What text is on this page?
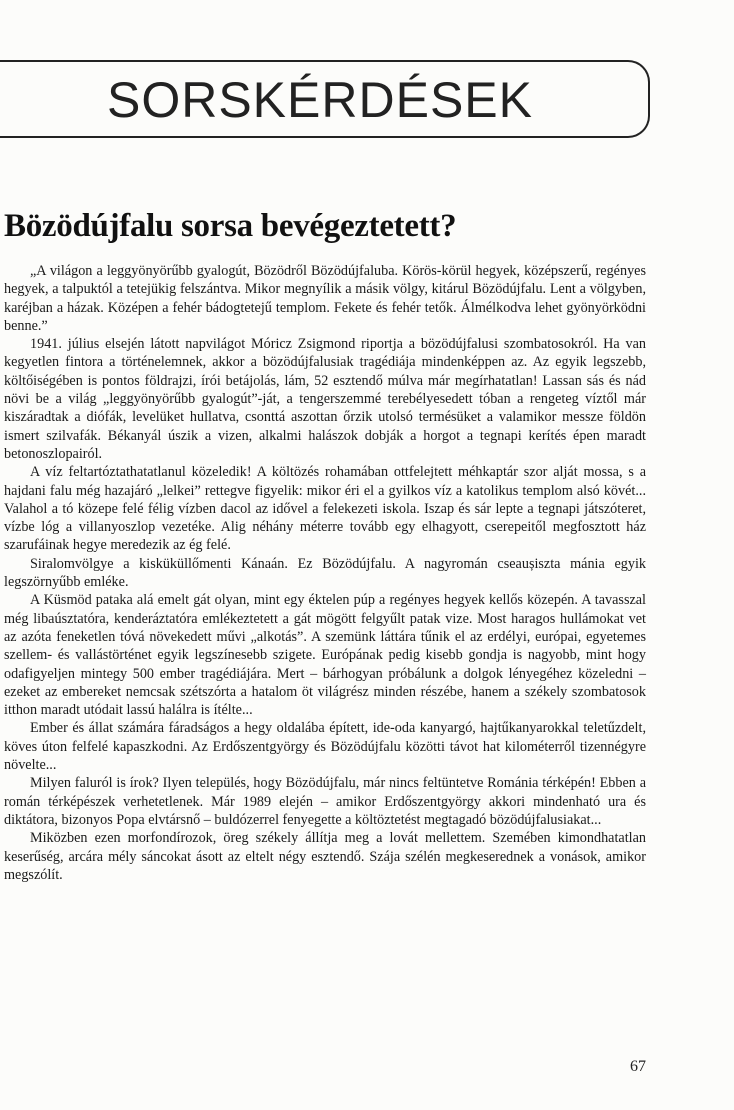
SORSKÉRDÉSEK
Bözödújfalu sorsa bevégeztetett?

„A világon a leggyönyörűbb gyalogút, Bözödről Bözödújfaluba. Körös-körül hegyek, középszerű, regényes hegyek, a talpuktól a tetejükig felszántva. Mikor megnyílik a másik völgy, kitárul Bözödújfalu. Lent a völgyben, karéjban a házak. Középen a fehér bádogtetejű templom. Fekete és fehér tetők. Álmélkodva lehet gyönyörködni benne.”

1941. július elsején látott napvilágot Móricz Zsigmond riportja a bözödújfalusi szombatosokról. Ha van kegyetlen fintora a történelemnek, akkor a bözödújfalusiak tragédiája mindenképpen az. Az egyik legszebb, költőiségében is pontos földrajzi, írói betájolás, lám, 52 esztendő múlva már megírhatatlan! Lassan sás és nád növi be a világ „leggyönyörűbb gyalogút”-ját, a tengerszemmé terebélyesedett tóban a rengeteg víztől már kiszáradtak a diófák, levelüket hullatva, csonttá aszottan őrzik utolsó termésüket a valamikor messze földön ismert szilvafák. Békanyál úszik a vizen, alkalmi halászok dobják a horgot a tegnapi kerítés épen maradt betonoszlopairól.

A víz feltartóztathatatlanul közeledik! A költözés rohamában ottfelejtett méhkaptár szor alját mossa, s a hajdani falu még hazajáró „lelkei” rettegve figyelik: mikor éri el a gyilkos víz a katolikus templom alsó kövét... Valahol a tó közepe felé félig vízben dacol az idővel a felekezeti iskola. Iszap és sár lepte a tegnapi játszóteret, vízbe lóg a villanyoszlop vezetéke. Alig néhány méterre tovább egy elhagyott, cserepeitől megfosztott ház szarufáinak hegye meredezik az ég felé.

Siralomvölgye a kisküküllőmenti Kánaán. Ez Bözödújfalu. A nagyromán cseaușiszta mánia egyik legszörnyűbb emléke.

A Küsmöd pataka alá emelt gát olyan, mint egy éktelen púp a regényes hegyek kellős közepén. A tavasszal még libaúsztatóra, kenderáztatóra emlékeztetett a gát mögött felgyűlt patak vize. Most haragos hullámokat vet az azóta feneketlen tóvá növekedett művi „alkotás”. A szemünk láttára tűnik el az erdélyi, európai, egyetemes szellem- és vallástörténet egyik legszínesebb szigete. Európának pedig kisebb gondja is nagyobb, mint hogy odafigyeljen mintegy 500 ember tragédiájára. Mert – bárhogyan próbálunk a dolgok lényegéhez közeledni – ezeket az embereket nemcsak szétszórta a hatalom öt világrész minden részébe, hanem a székely szombatosok itthon maradt utódait lassú halálra is ítélte...

Ember és állat számára fáradságos a hegy oldalába épített, ide-oda kanyargó, hajtűkanyarokkal teletűzdelt, köves úton felfelé kapaszkodni. Az Erdőszentgyörgy és Bözödújfalu közötti távot hat kilométerről tizennégyre növelte...

Milyen faluról is írok? Ilyen település, hogy Bözödújfalu, már nincs feltüntetve Románia térképén! Ebben a román térképészek verhetetlenek. Már 1989 elején – amikor Erdőszentgyörgy akkori mindenható ura és diktátora, bizonyos Popa elvtársnő – buldózerrel fenyegette a költöztetést megtagadó bözödújfalusiakat...

Miközben ezen morfondírozok, öreg székely állítja meg a lovát mellettem. Szemében kimondhatatlan keserűség, arcára mély sáncokat ásott az eltelt négy esztendő. Szája szélén megkeserednek a vonások, amikor megszólít.

67
